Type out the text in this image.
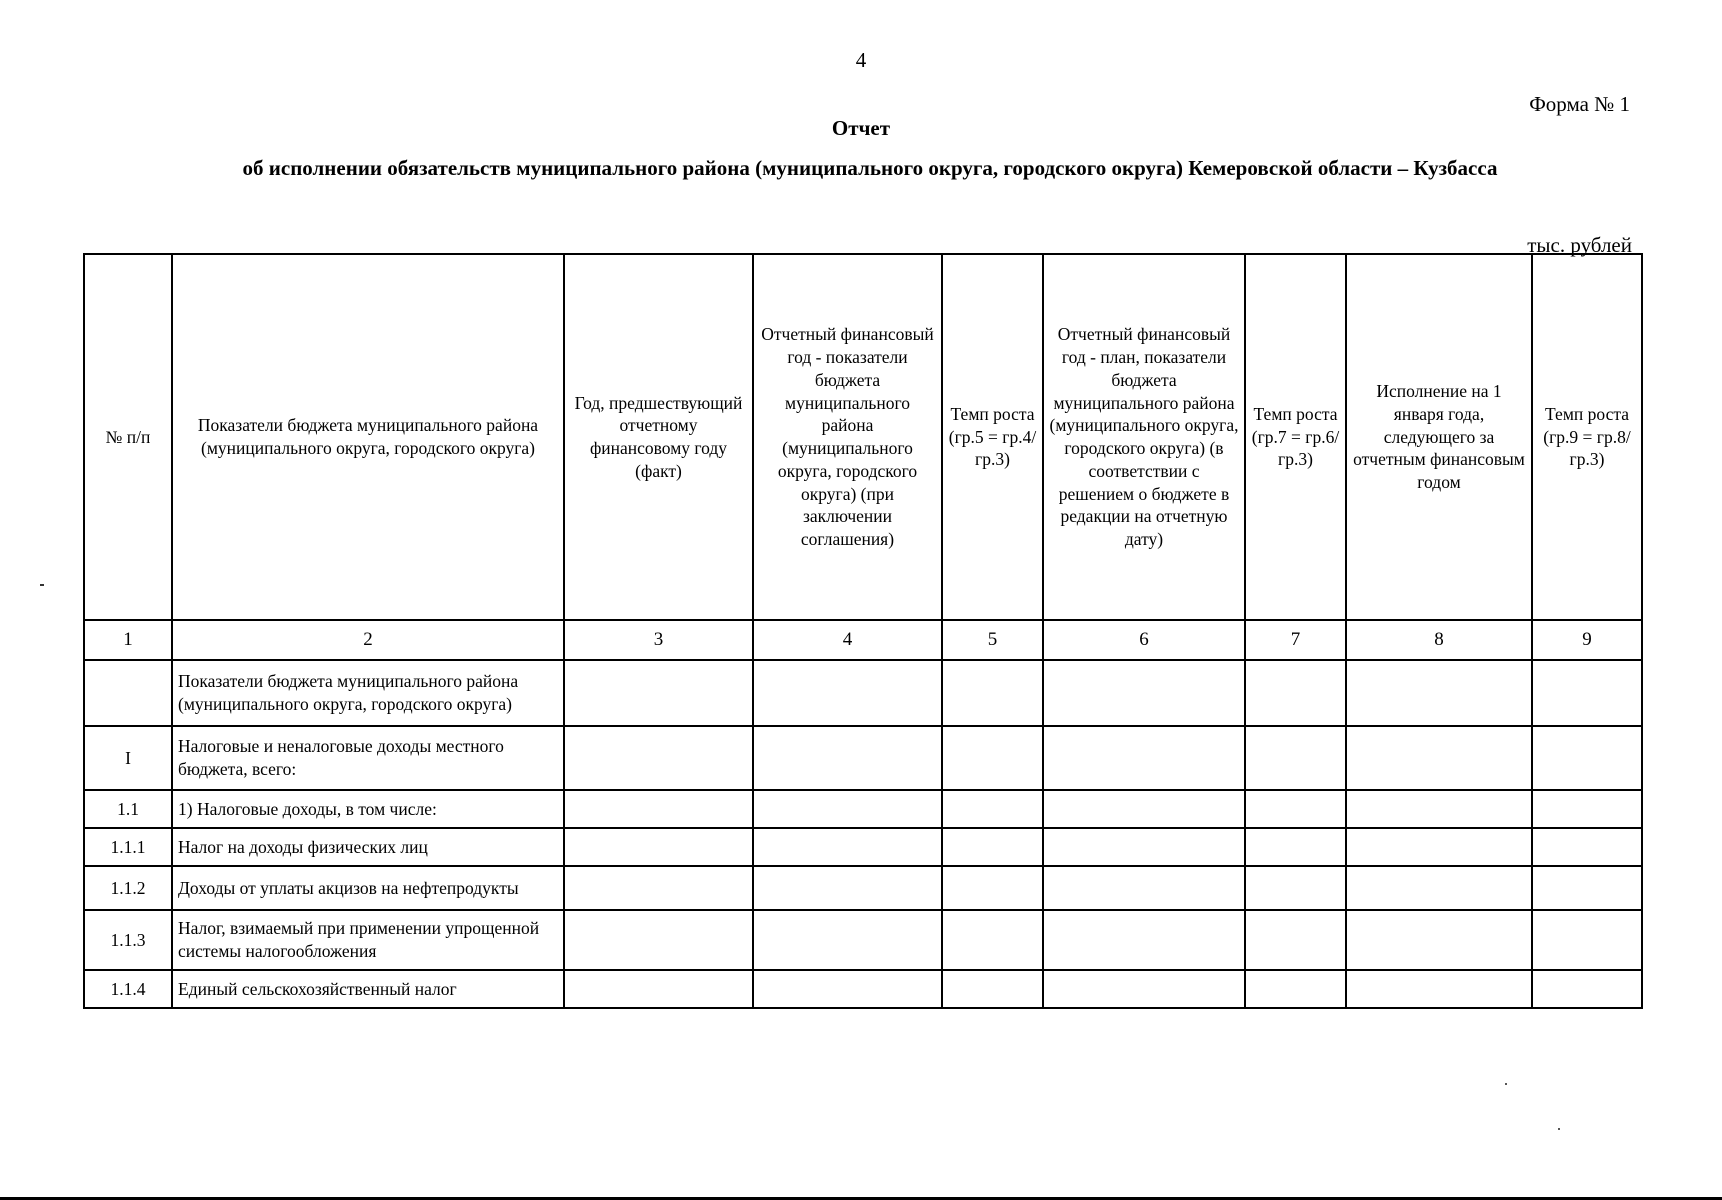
4
Форма № 1
Отчет
об исполнении обязательств муниципального района (муниципального округа, городского округа) Кемеровской области – Кузбасса
тыс. рублей
№ п/п	Показатели бюджета муниципального района (муниципального округа, городского округа)	Год, предшествующий отчетному финансовому году (факт)	Отчетный финансовый год - показатели бюджета муниципального района (муниципального округа, городского округа) (при заключении соглашения)	Темп роста (гр.5 = гр.4/ гр.3)	Отчетный финансовый год - план, показатели бюджета муниципального района (муниципального округа, городского округа) (в соответствии с решением о бюджете в редакции на отчетную дату)	Темп роста (гр.7 = гр.6/ гр.3)	Исполнение на 1 января года, следующего за отчетным финансовым годом	Темп роста (гр.9 = гр.8/ гр.3)
1	2	3	4	5	6	7	8	9
	Показатели бюджета муниципального района (муниципального округа, городского округа)							
I	Налоговые и неналоговые доходы местного бюджета, всего:							
1.1	1) Налоговые доходы, в том числе:							
1.1.1	Налог на доходы физических лиц							
1.1.2	Доходы от уплаты акцизов на нефтепродукты							
1.1.3	Налог, взимаемый при применении упрощенной системы налогообложения							
1.1.4	Единый сельскохозяйственный налог							
